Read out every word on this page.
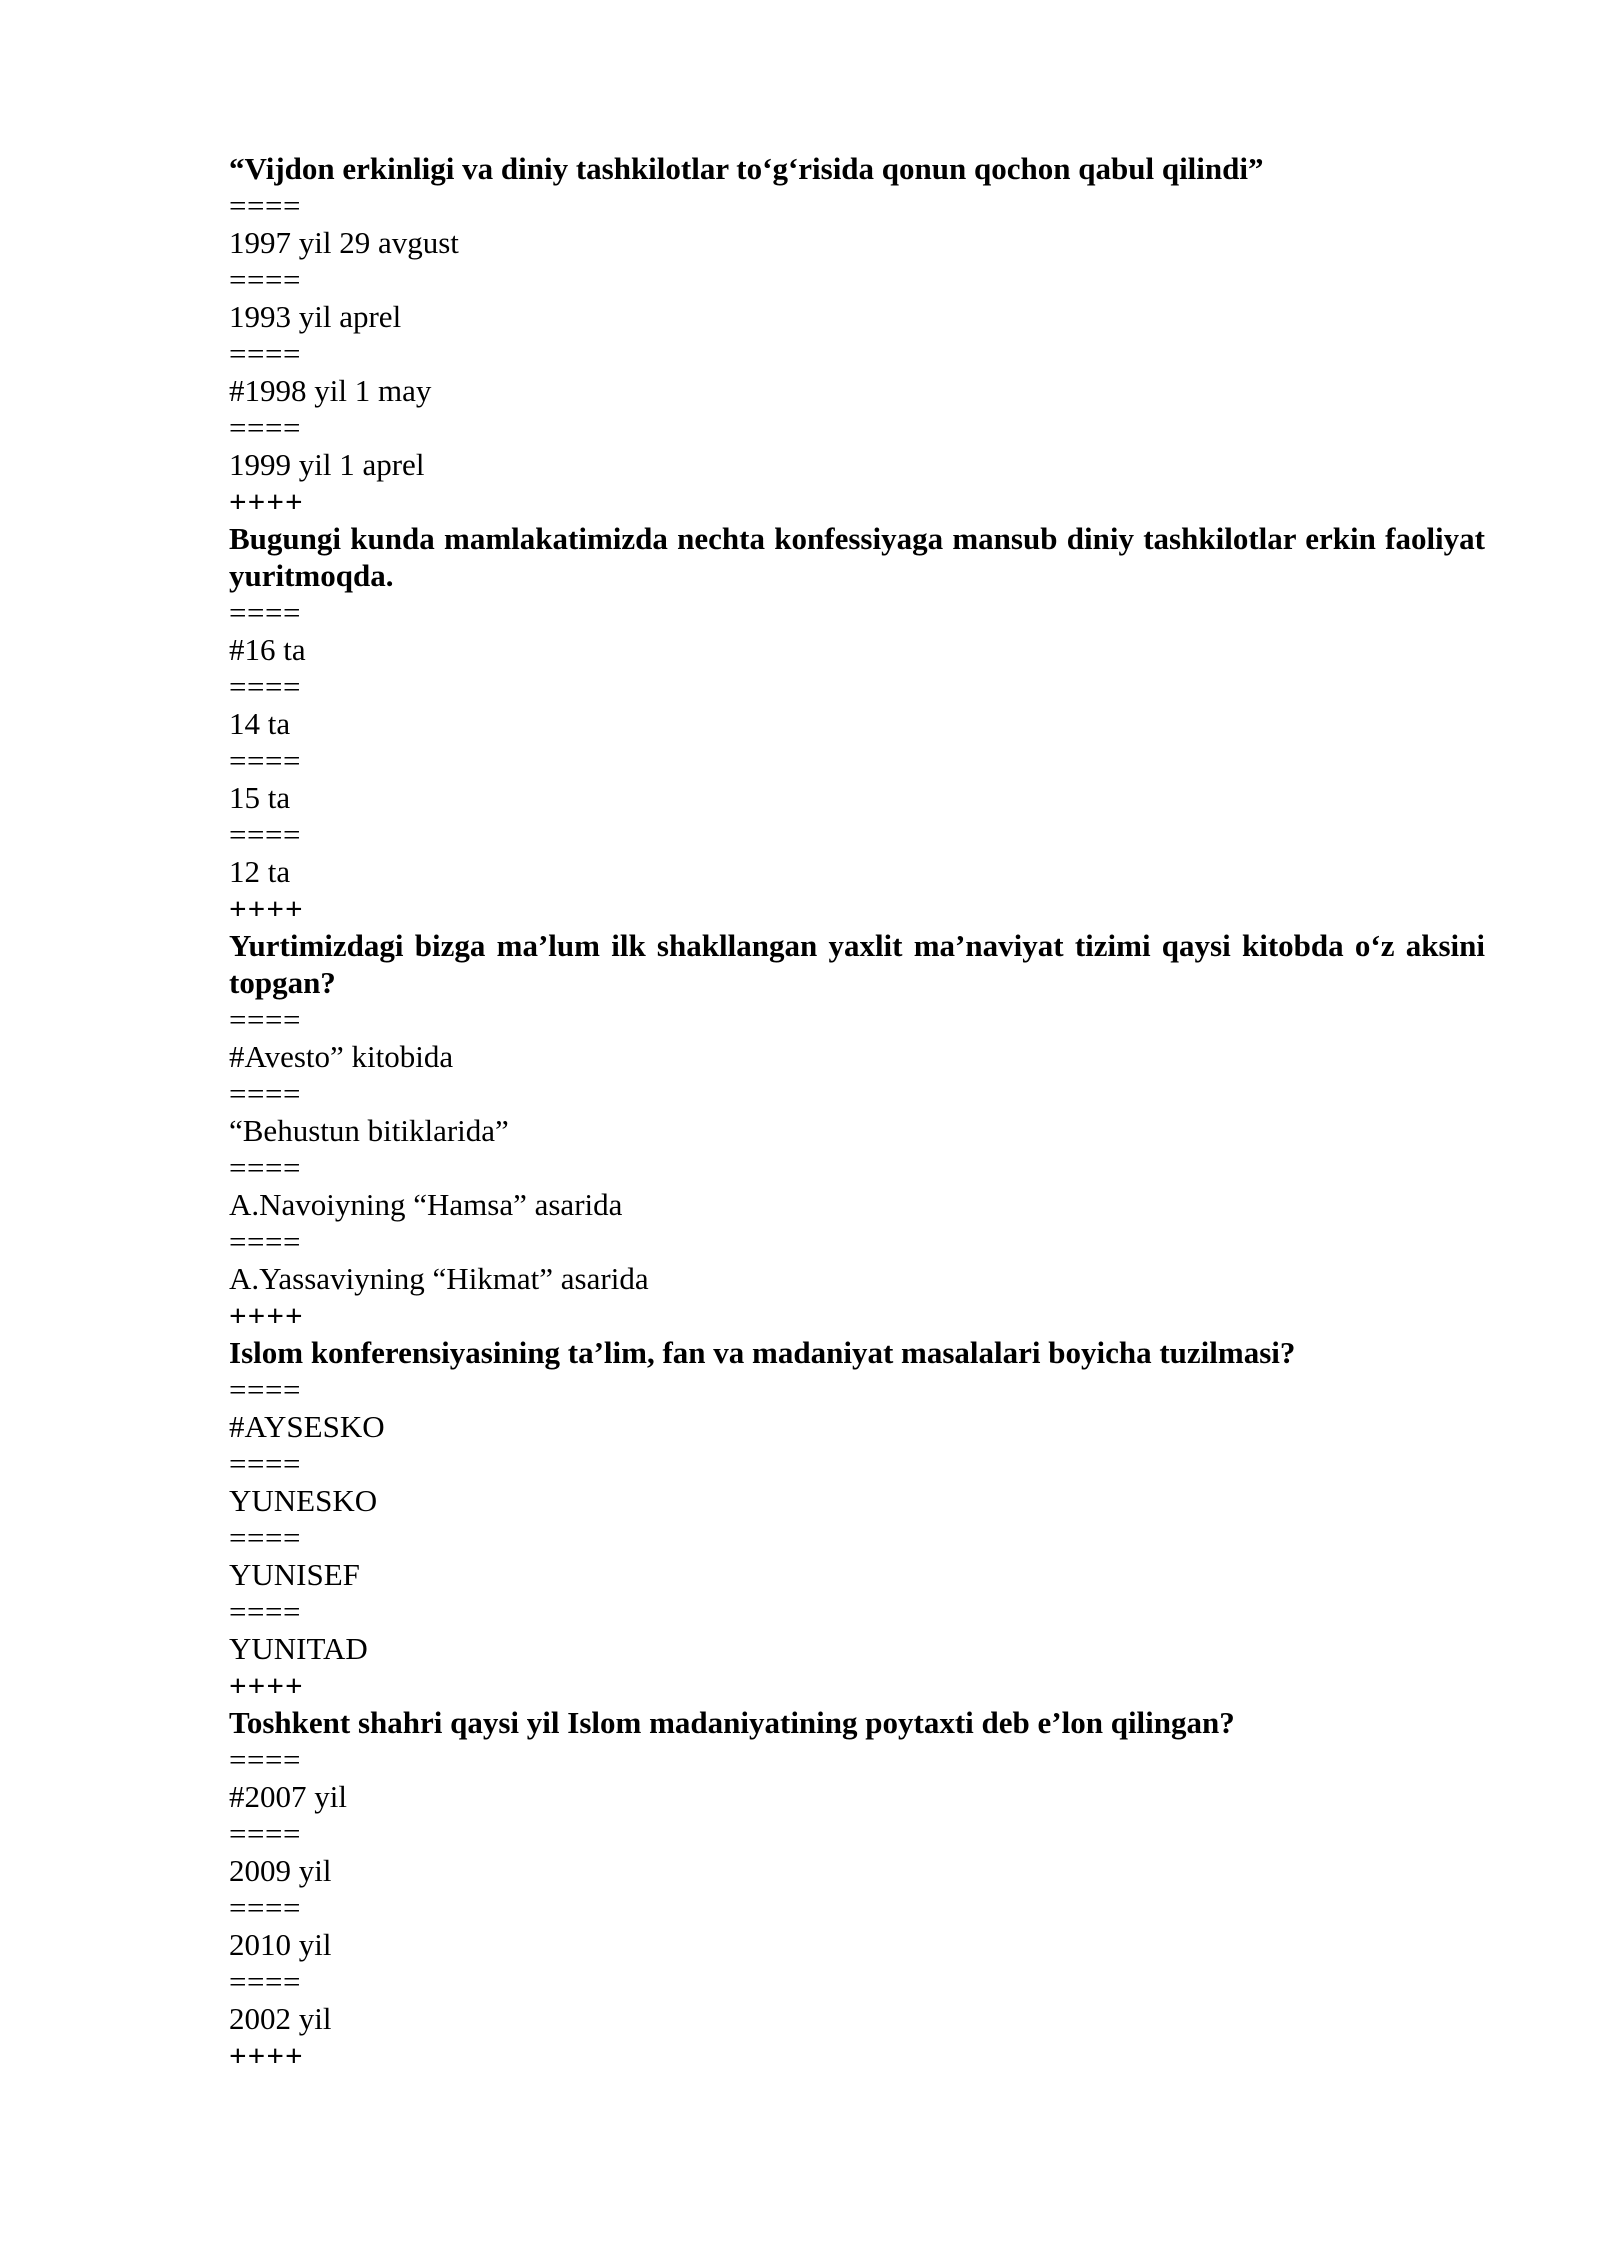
“Vijdon erkinligi va diniy tashkilotlar to‘g‘risida qonun qochon qabul qilindi”
====
1997 yil 29 avgust
====
1993 yil aprel
====
#1998 yil 1 may
====
1999 yil 1 aprel
++++
Bugungi kunda mamlakatimizda nechta konfessiyaga mansub diniy tashkilotlar erkin faoliyat yuritmoqda.
====
#16 ta
====
14 ta
====
15 ta
====
12 ta
++++
Yurtimizdagi bizga ma’lum ilk shakllangan yaxlit ma’naviyat tizimi qaysi kitobda o‘z aksini topgan?
====
#Avesto” kitobida
====
“Behustun bitiklarida”
====
A.Navoiyning “Hamsa” asarida
====
A.Yassaviyning “Hikmat” asarida
++++
Islom konferensiyasining ta’lim, fan va madaniyat masalalari boyicha tuzilmasi?
====
#AYSESKO
====
YUNESKO
====
YUNISEF
====
YUNITAD
++++
Toshkent shahri qaysi yil Islom madaniyatining poytaxti deb e’lon qilingan?
====
#2007 yil
====
2009 yil
====
2010 yil
====
2002 yil
++++
